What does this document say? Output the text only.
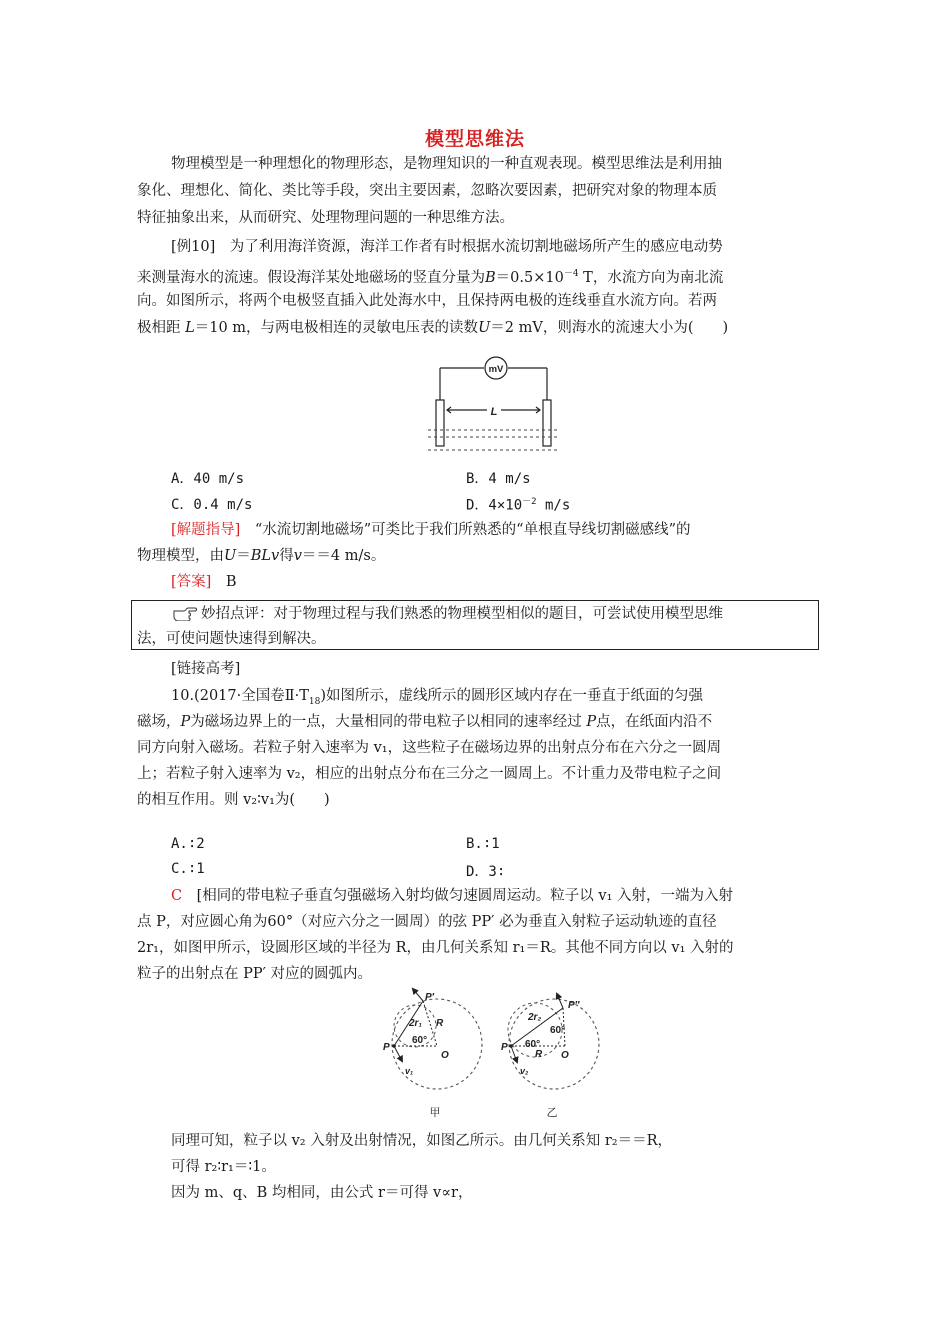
模型思维法
物理模型是一种理想化的物理形态，是物理知识的一种直观表现。模型思维法是利用抽
象化、理想化、简化、类比等手段，突出主要因素，忽略次要因素，把研究对象的物理本质
特征抽象出来，从而研究、处理物理问题的一种思维方法。
[例10]　 为了利用海洋资源，海洋工作者有时根据水流切割地磁场所产生的感应电动势
来测量海水的流速。假设海洋某处地磁场的竖直分量为$B=0.5\times 10^{-4}$ T，水流方向为南北流
向。如图所示，将两个电极竖直插入此处海水中，且保持两电极的连线垂直水流方向。若两
极相距 L＝10 m，与两电极相连的灵敏电压表的读数U＝2 mV，则海水的流速大小为(　　)
mV
L
A．40 m/s	B．4 m/s
C．0.4 m/s	D．$4\times 10^{-2}$ m/s
[解题指导]　“水流切割地磁场”可类比于我们所熟悉的“单根直导线切割磁感线”的
物理模型，由U＝BLv得v＝＝4 m/s。
[答案]　 B
妙招点评：对于物理过程与我们熟悉的物理模型相似的题目，可尝试使用模型思维
法，可使问题快速得到解决。
[链接高考]
10.(2017·全国卷$Ⅱ\cdot T_{18}$)如图所示，虚线所示的圆形区域内存在一垂直于纸面的匀强
磁场，P为磁场边界上的一点，大量相同的带电粒子以相同的速率经过 P点，在纸面内沿不
同方向射入磁场。若粒子射入速率为 v₁，这些粒子在磁场边界的出射点分布在六分之一圆周
上；若粒子射入速率为 v₂，相应的出射点分布在三分之一圆周上。不计重力及带电粒子之间
的相互作用。则 v₂∶v₁为(　　)
A.∶2	B.∶1
C.∶1	D．3∶
C　[相同的带电粒子垂直匀强磁场入射均做匀速圆周运动。粒子以 v₁ 入射，一端为入射
点 P，对应圆心角为60°（对应六分之一圆周）的弦 PP′ 必为垂直入射粒子运动轨迹的直径
2r₁，如图甲所示，设圆形区域的半径为 R，由几何关系知 r₁＝R。其他不同方向以 v₁ 入射的
粒子的出射点在 PP′ 对应的圆弧内。
P
P′
2r₁ R
60°
O
v₁
甲
P
P″
2r₂
R
60°
60°
O
v₂
乙
同理可知，粒子以 v₂ 入射及出射情况，如图乙所示。由几何关系知 r₂＝＝R，
可得 r₂∶r₁＝∶1。
因为 m、q、B 均相同，由公式 r＝可得 v∝r，
